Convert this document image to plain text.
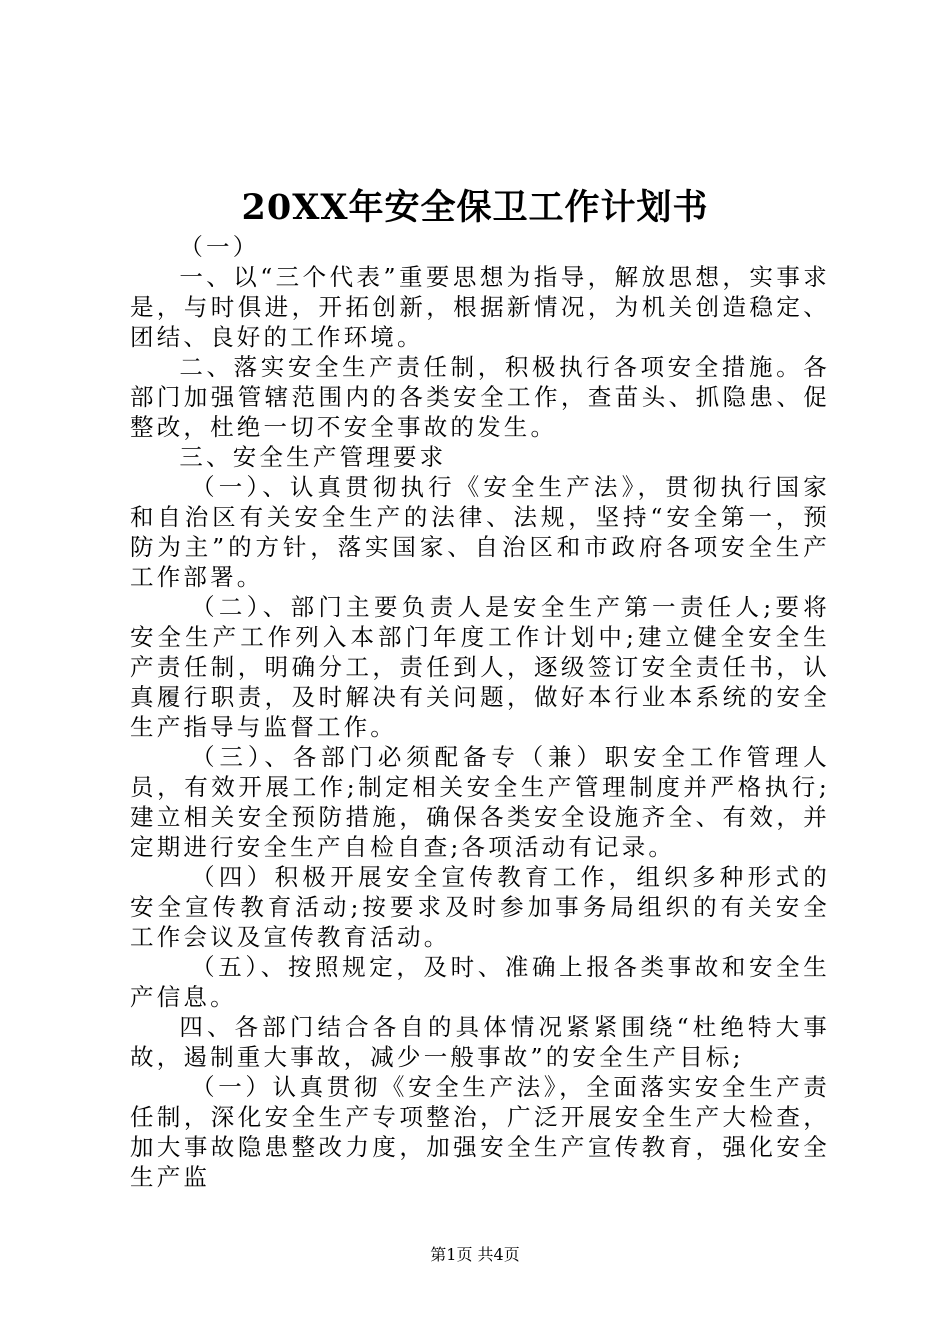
20XX年安全保卫工作计划书

（一）

一、以“三个代表”重要思想为指导，解放思想，实事求是，与时俱进，开拓创新，根据新情况，为机关创造稳定、团结、良好的工作环境。

二、落实安全生产责任制，积极执行各项安全措施。各部门加强管辖范围内的各类安全工作，查苗头、抓隐患、促整改，杜绝一切不安全事故的发生。

三、安全生产管理要求

（一）、认真贯彻执行《安全生产法》，贯彻执行国家和自治区有关安全生产的法律、法规，坚持“安全第一，预防为主”的方针，落实国家、自治区和市政府各项安全生产工作部署。

（二）、部门主要负责人是安全生产第一责任人;要将安全生产工作列入本部门年度工作计划中;建立健全安全生产责任制，明确分工，责任到人，逐级签订安全责任书，认真履行职责，及时解决有关问题，做好本行业本系统的安全生产指导与监督工作。

（三）、各部门必须配备专（兼）职安全工作管理人员，有效开展工作;制定相关安全生产管理制度并严格执行;建立相关安全预防措施，确保各类安全设施齐全、有效，并定期进行安全生产自检自查;各项活动有记录。

（四）积极开展安全宣传教育工作，组织多种形式的安全宣传教育活动;按要求及时参加事务局组织的有关安全工作会议及宣传教育活动。

（五）、按照规定，及时、准确上报各类事故和安全生产信息。

四、各部门结合各自的具体情况紧紧围绕“杜绝特大事故，遏制重大事故，减少一般事故”的安全生产目标;

（一）认真贯彻《安全生产法》，全面落实安全生产责任制，深化安全生产专项整治，广泛开展安全生产大检查，加大事故隐患整改力度，加强安全生产宣传教育，强化安全生产监

第1页 共4页
